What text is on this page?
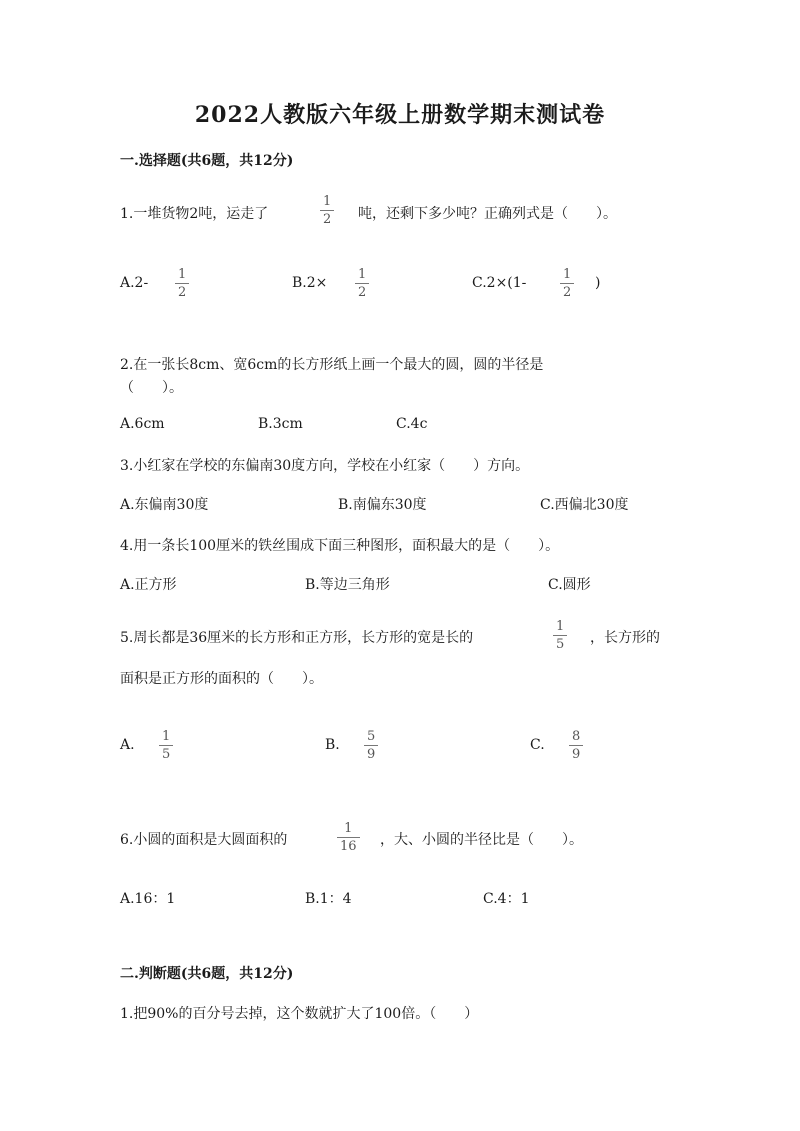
2022人教版六年级上册数学期末测试卷
一.选择题(共6题，共12分)
1.一堆货物2吨，运走了
1
2 吨，还剩下多少吨？正确列式是（　　）。
A.2-
1
2
B.2×
1
2
C.2×(1-
1
2
)
2.在一张长8cm、宽6cm的长方形纸上画一个最大的圆，圆的半径是
（　　）。
A.6cm	B.3cm	C.4c
3.小红家在学校的东偏南30度方向，学校在小红家（　　）方向。
A.东偏南30度	B.南偏东30度	C.西偏北30度
4.用一条长100厘米的铁丝围成下面三种图形，面积最大的是（　　）。
A.正方形	B.等边三角形	C.圆形
5.周长都是36厘米的长方形和正方形，长方形的宽是长的
1
5 ，长方形的
面积是正方形的面积的（　　）。
A.
1
5
B.
5
9
C.
8
9
6.小圆的面积是大圆面积的
1
16 ，大、小圆的半径比是（　　）。
A.16：1	B.1：4	C.4：1
二.判断题(共6题，共12分)
1.把90%的百分号去掉，这个数就扩大了100倍。（　　）
